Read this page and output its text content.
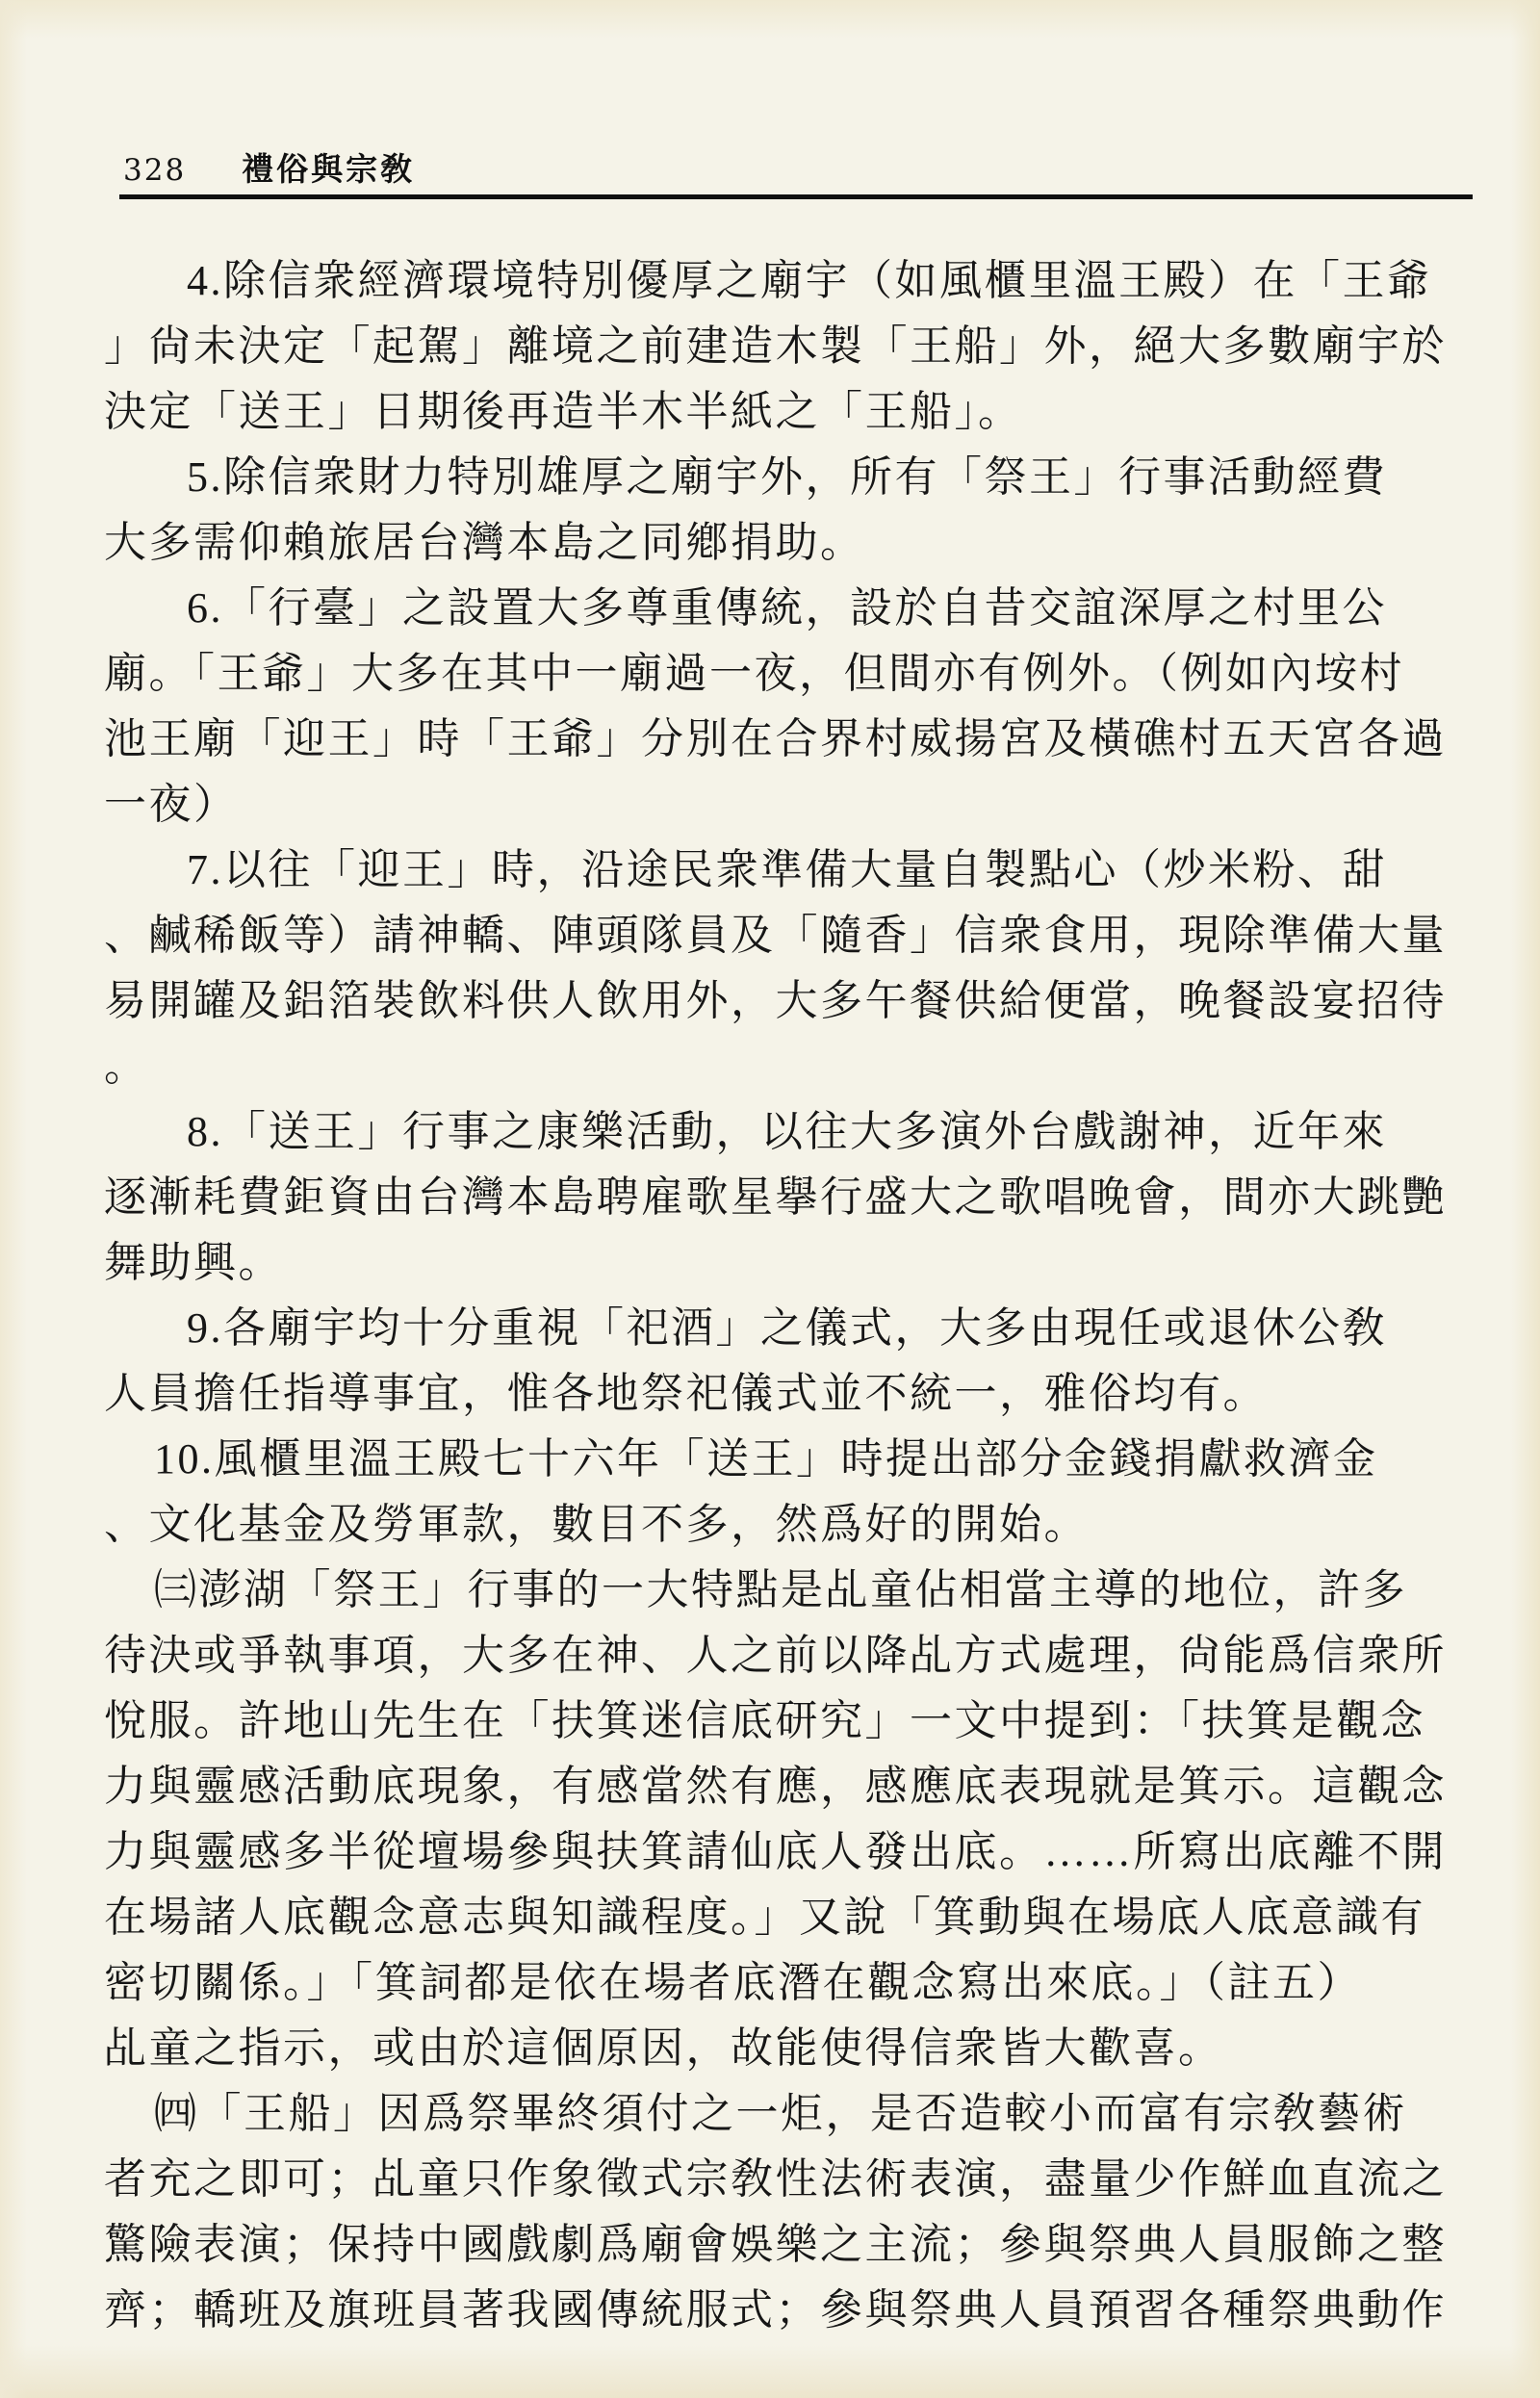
328 禮俗與宗敎
4.除信衆經濟環境特別優厚之廟宇（如風櫃里溫王殿）在「王爺
」尙未決定「起駕」離境之前建造木製「王船」外，絕大多數廟宇於
決定「送王」日期後再造半木半紙之「王船」。
5.除信衆財力特別雄厚之廟宇外，所有「祭王」行事活動經費
大多需仰賴旅居台灣本島之同鄕捐助。
6.「行臺」之設置大多尊重傳統，設於自昔交誼深厚之村里公
廟。「王爺」大多在其中一廟過一夜，但間亦有例外。（例如內垵村
池王廟「迎王」時「王爺」分別在合界村威揚宮及橫礁村五天宮各過
一夜）
7.以往「迎王」時，沿途民衆準備大量自製點心（炒米粉、甜
、鹹稀飯等）請神轎、陣頭隊員及「隨香」信衆食用，現除準備大量
易開罐及鋁箔裝飲料供人飲用外，大多午餐供給便當，晚餐設宴招待
。
8.「送王」行事之康樂活動，以往大多演外台戲謝神，近年來
逐漸耗費鉅資由台灣本島聘雇歌星擧行盛大之歌唱晚會，間亦大跳艷
舞助興。
9.各廟宇均十分重視「祀酒」之儀式，大多由現任或退休公敎
人員擔任指導事宜，惟各地祭祀儀式並不統一，雅俗均有。
10.風櫃里溫王殿七十六年「送王」時提出部分金錢捐獻救濟金
、文化基金及勞軍款，數目不多，然爲好的開始。
㈢澎湖「祭王」行事的一大特點是乩童佔相當主導的地位，許多
待決或爭執事項，大多在神、人之前以降乩方式處理，尙能爲信衆所
悅服。許地山先生在「扶箕迷信底研究」一文中提到：「扶箕是觀念
力與靈感活動底現象，有感當然有應，感應底表現就是箕示。這觀念
力與靈感多半從壇場參與扶箕請仙底人發出底。……所寫出底離不開
在場諸人底觀念意志與知識程度。」又說「箕動與在場底人底意識有
密切關係。」「箕詞都是依在場者底潛在觀念寫出來底。」（註五）
乩童之指示，或由於這個原因，故能使得信衆皆大歡喜。
㈣「王船」因爲祭畢終須付之一炬，是否造較小而富有宗敎藝術
者充之即可；乩童只作象徵式宗敎性法術表演，盡量少作鮮血直流之
驚險表演；保持中國戲劇爲廟會娛樂之主流；參與祭典人員服飾之整
齊；轎班及旗班員著我國傳統服式；參與祭典人員預習各種祭典動作
